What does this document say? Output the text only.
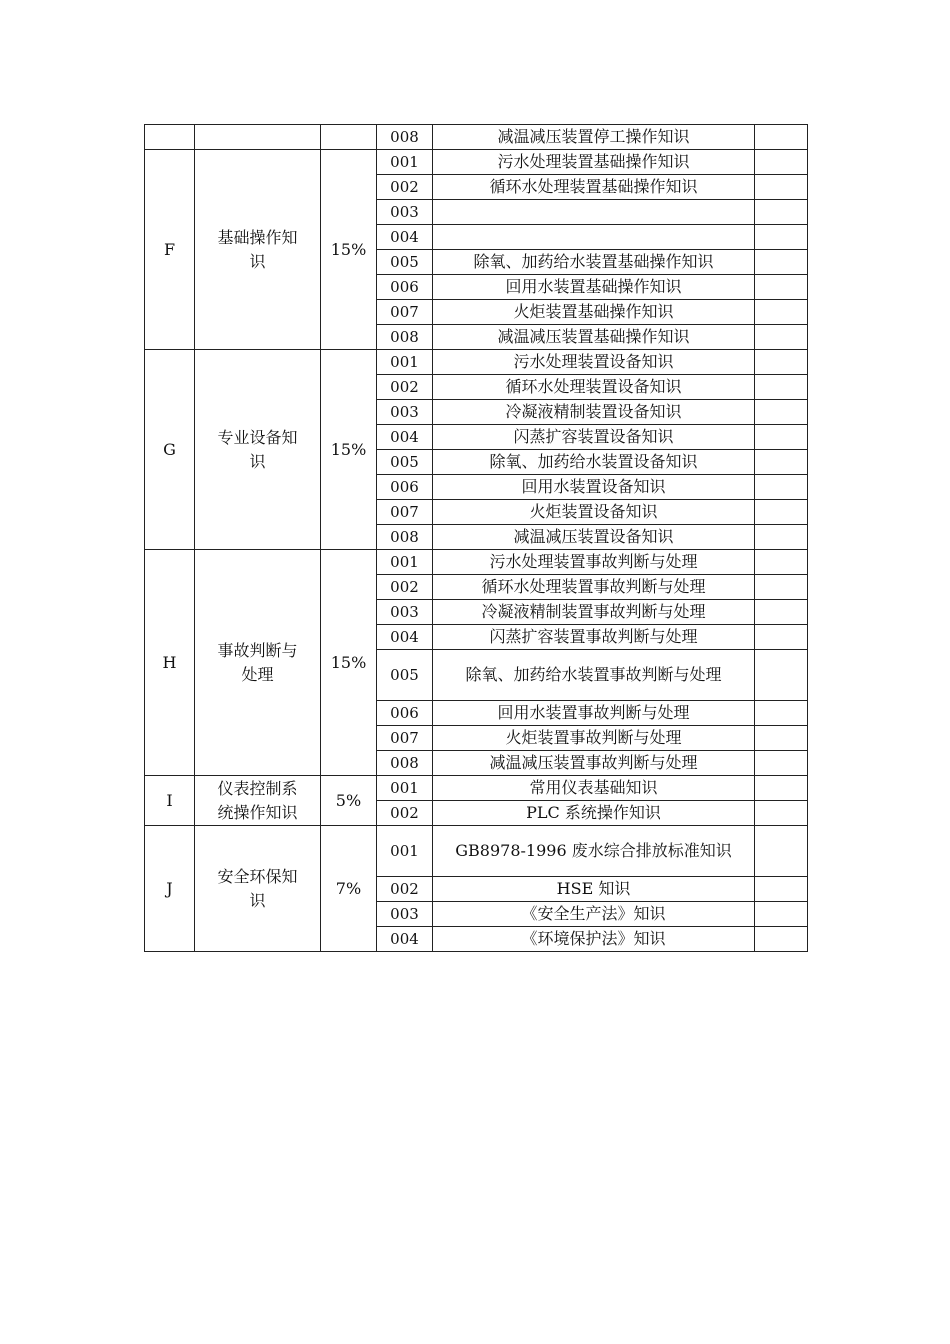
			008	减温减压装置停工操作知识	
F	基础操作知识	15%	001	污水处理装置基础操作知识	
			002	循环水处理装置基础操作知识	
			003		
			004		
			005	除氧、加药给水装置基础操作知识	
			006	回用水装置基础操作知识	
			007	火炬装置基础操作知识	
			008	减温减压装置基础操作知识	
G	专业设备知识	15%	001	污水处理装置设备知识	
			002	循环水处理装置设备知识	
			003	冷凝液精制装置设备知识	
			004	闪蒸扩容装置设备知识	
			005	除氧、加药给水装置设备知识	
			006	回用水装置设备知识	
			007	火炬装置设备知识	
			008	减温减压装置设备知识	
H	事故判断与处理	15%	001	污水处理装置事故判断与处理	
			002	循环水处理装置事故判断与处理	
			003	冷凝液精制装置事故判断与处理	
			004	闪蒸扩容装置事故判断与处理	
			005	除氧、加药给水装置事故判断与处理	
			006	回用水装置事故判断与处理	
			007	火炬装置事故判断与处理	
			008	减温减压装置事故判断与处理	
I	仪表控制系统操作知识	5%	001	常用仪表基础知识	
			002	PLC 系统操作知识	
J	安全环保知识	7%	001	GB8978-1996 废水综合排放标准知识	
			002	HSE 知识	
			003	《安全生产法》知识	
			004	《环境保护法》知识	
